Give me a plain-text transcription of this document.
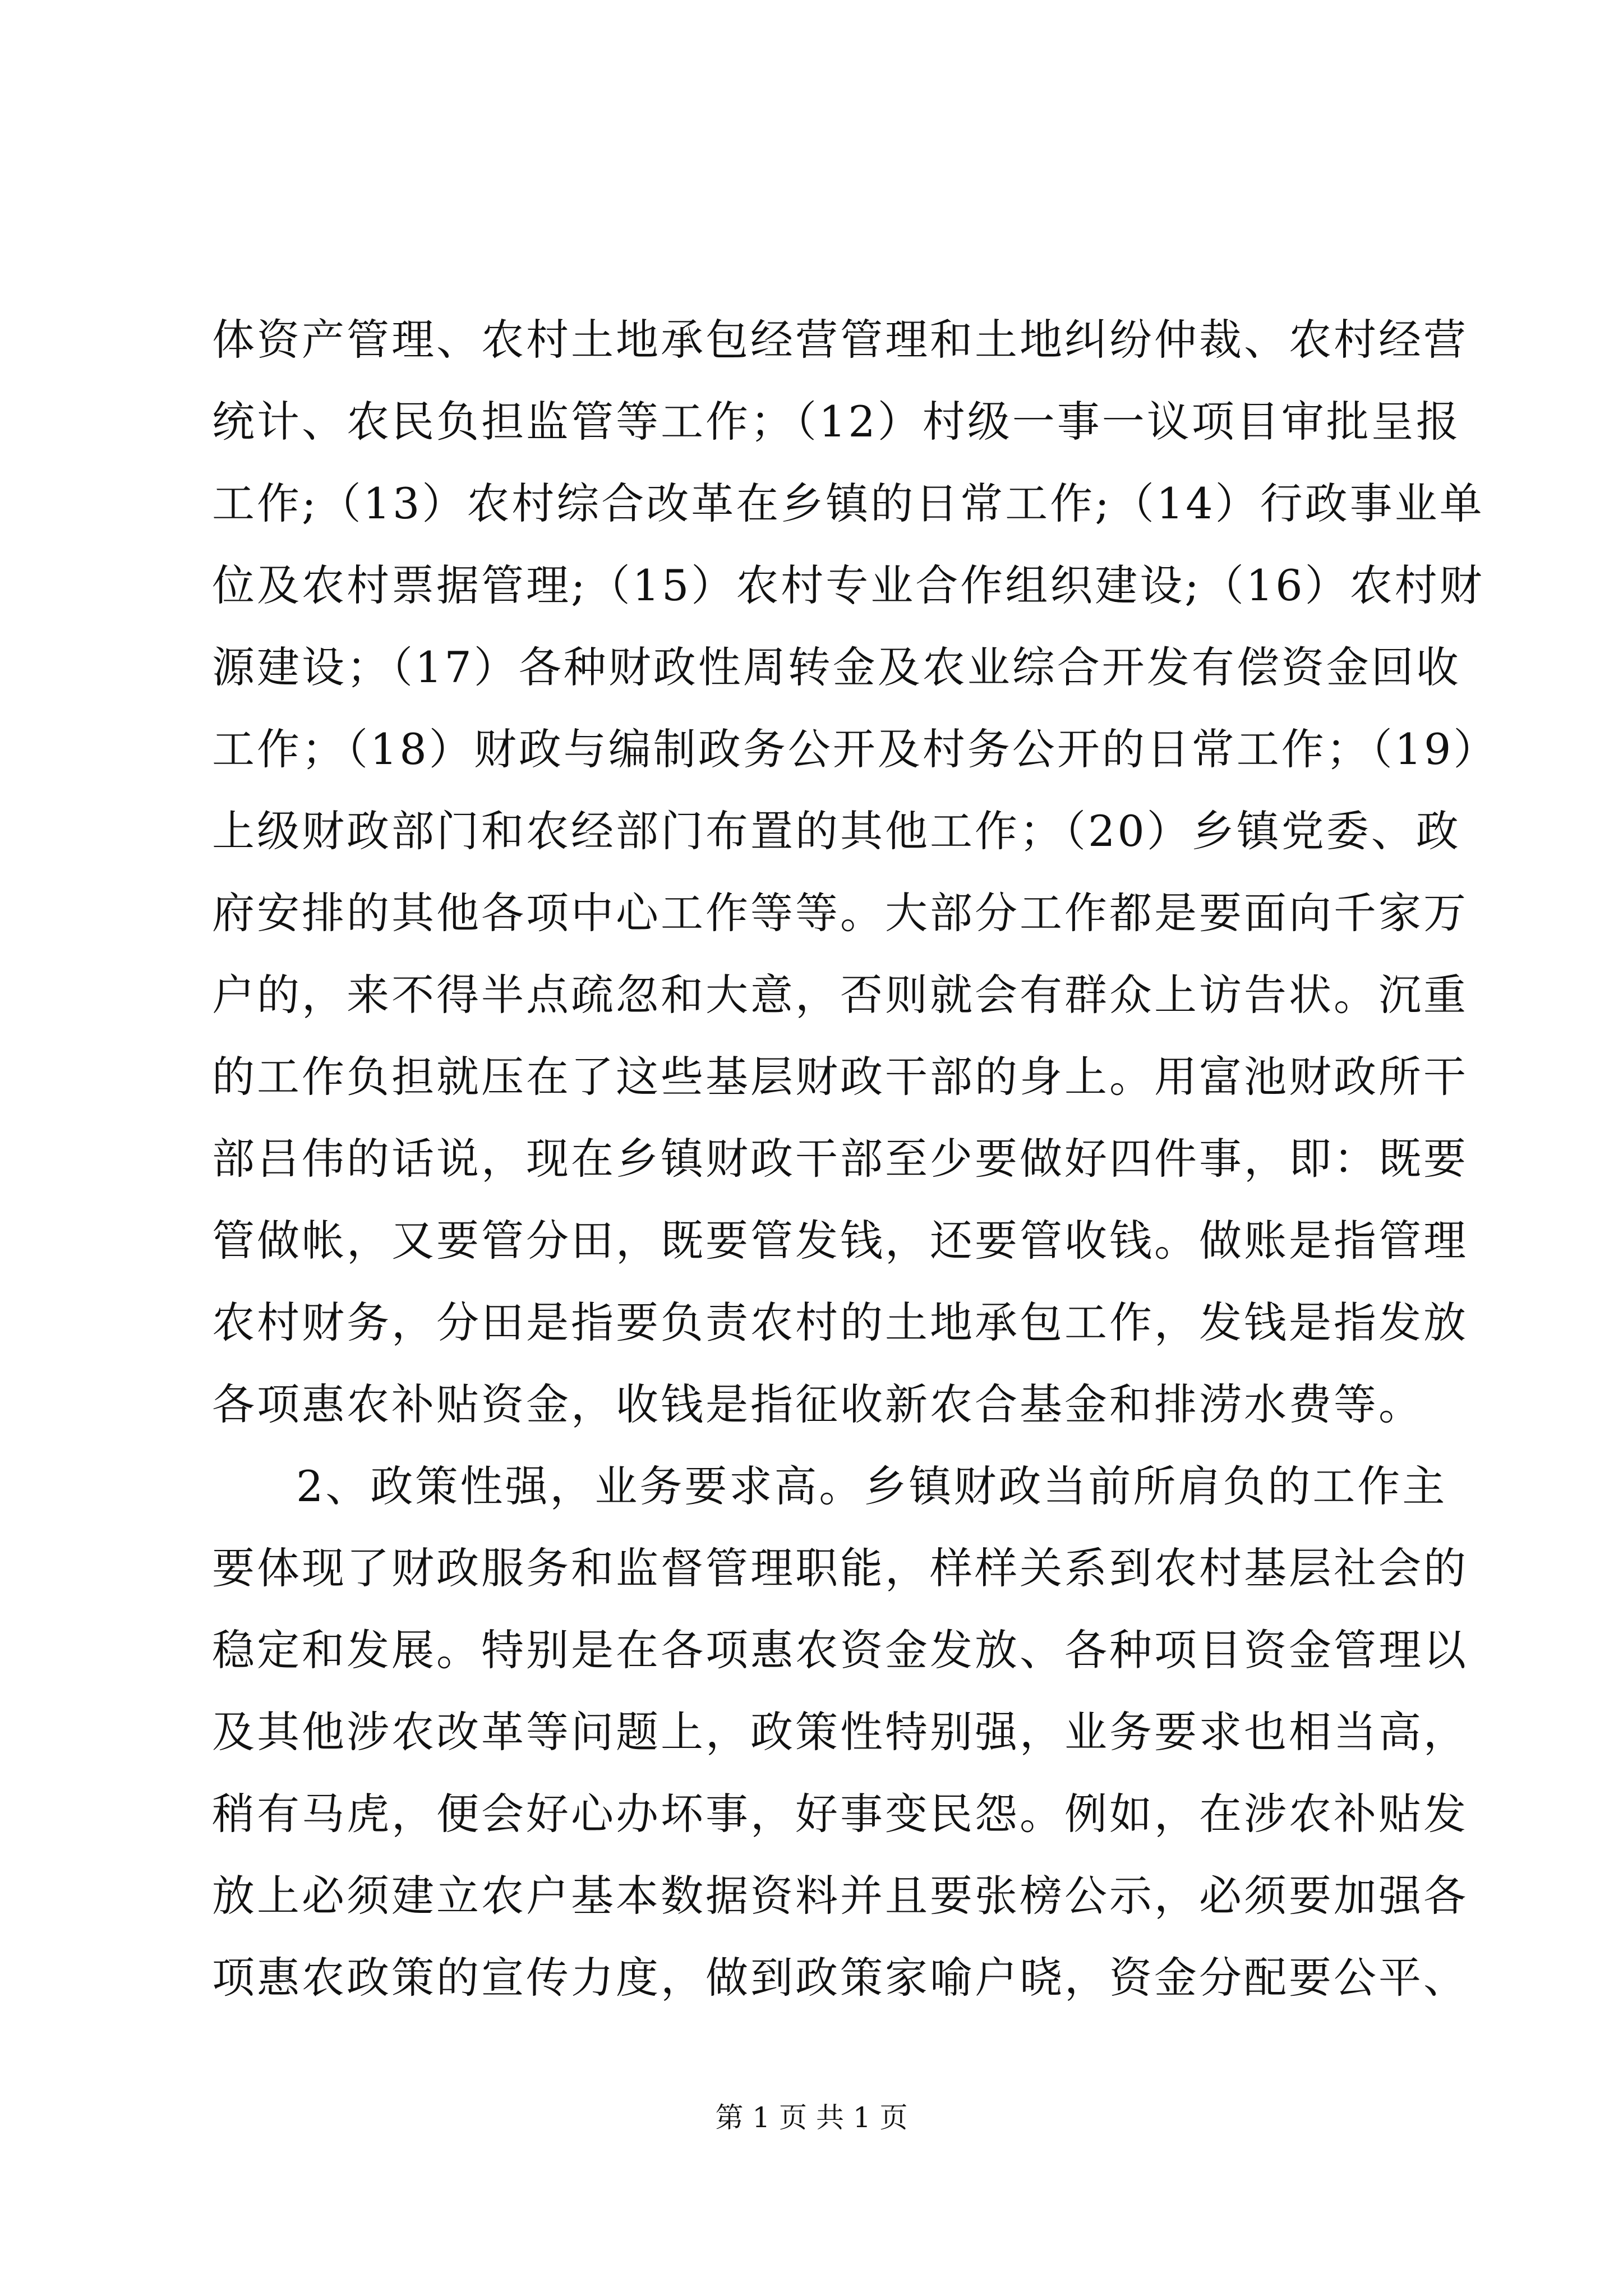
体资产管理、农村土地承包经营管理和土地纠纷仲裁、农村经营
统计、农民负担监管等工作；（12）村级一事一议项目审批呈报
工作;（13）农村综合改革在乡镇的日常工作;（14）行政事业单
位及农村票据管理;（15）农村专业合作组织建设;（16）农村财
源建设；（17）各种财政性周转金及农业综合开发有偿资金回收
工作；（18）财政与编制政务公开及村务公开的日常工作；（19）
上级财政部门和农经部门布置的其他工作；（20）乡镇党委、政
府安排的其他各项中心工作等等。大部分工作都是要面向千家万
户的，来不得半点疏忽和大意，否则就会有群众上访告状。沉重
的工作负担就压在了这些基层财政干部的身上。用富池财政所干
部吕伟的话说，现在乡镇财政干部至少要做好四件事，即：既要
管做帐，又要管分田，既要管发钱，还要管收钱。做账是指管理
农村财务，分田是指要负责农村的土地承包工作，发钱是指发放
各项惠农补贴资金，收钱是指征收新农合基金和排涝水费等。
2、政策性强，业务要求高。乡镇财政当前所肩负的工作主
要体现了财政服务和监督管理职能，样样关系到农村基层社会的
稳定和发展。特别是在各项惠农资金发放、各种项目资金管理以
及其他涉农改革等问题上，政策性特别强，业务要求也相当高，
稍有马虎，便会好心办坏事，好事变民怨。例如，在涉农补贴发
放上必须建立农户基本数据资料并且要张榜公示，必须要加强各
项惠农政策的宣传力度，做到政策家喻户晓，资金分配要公平、
第 1 页 共 1 页
